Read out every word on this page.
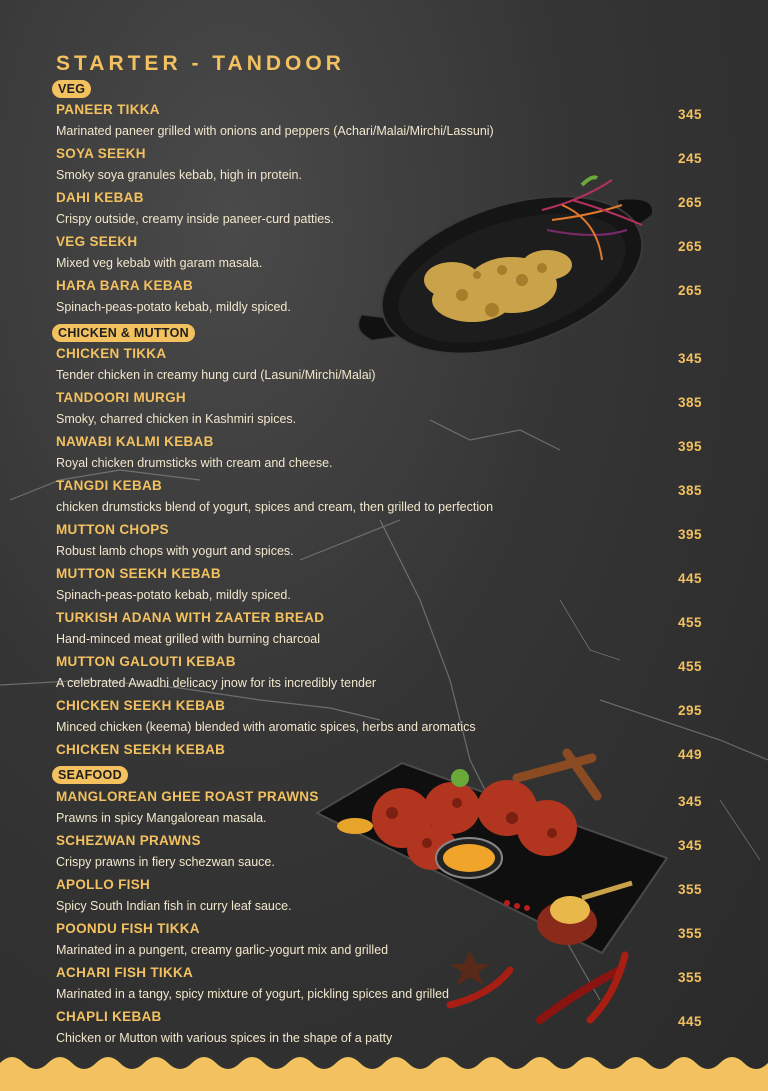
STARTER - TANDOOR
VEG
PANEER TIKKA	345
Marinated paneer grilled with onions and peppers (Achari/Malai/Mirchi/Lassuni)
SOYA SEEKH	245
Smoky soya granules kebab, high in protein.
DAHI KEBAB	265
Crispy outside, creamy inside paneer-curd patties.
VEG SEEKH	265
Mixed veg kebab with garam masala.
HARA BARA KEBAB	265
Spinach-peas-potato kebab, mildly spiced.
CHICKEN & MUTTON
CHICKEN TIKKA	345
Tender chicken in creamy hung curd (Lasuni/Mirchi/Malai)
TANDOORI MURGH	385
Smoky, charred chicken in Kashmiri spices.
NAWABI KALMI KEBAB	395
Royal chicken drumsticks with cream and cheese.
TANGDI KEBAB	385
chicken drumsticks blend of yogurt, spices and cream, then grilled to perfection
MUTTON CHOPS	395
Robust lamb chops with yogurt and spices.
MUTTON SEEKH KEBAB	445
Spinach-peas-potato kebab, mildly spiced.
TURKISH ADANA WITH ZAATER BREAD	455
Hand-minced meat grilled with burning charcoal
MUTTON GALOUTI KEBAB	455
A celebrated Awadhi delicacy jnow for its incredibly tender
CHICKEN SEEKH KEBAB	295
Minced chicken (keema) blended with aromatic spices, herbs and aromatics
CHICKEN SEEKH KEBAB	449
SEAFOOD
MANGLOREAN GHEE ROAST PRAWNS	345
Prawns in spicy Mangalorean masala.
SCHEZWAN PRAWNS	345
Crispy prawns in fiery schezwan sauce.
APOLLO FISH	355
Spicy South Indian fish in curry leaf sauce.
POONDU FISH TIKKA	355
Marinated in a pungent, creamy garlic-yogurt mix and grilled
ACHARI FISH TIKKA	355
Marinated in a tangy, spicy mixture of yogurt, pickling spices and grilled
CHAPLI KEBAB	445
Chicken or Mutton with various spices in the shape of a patty
